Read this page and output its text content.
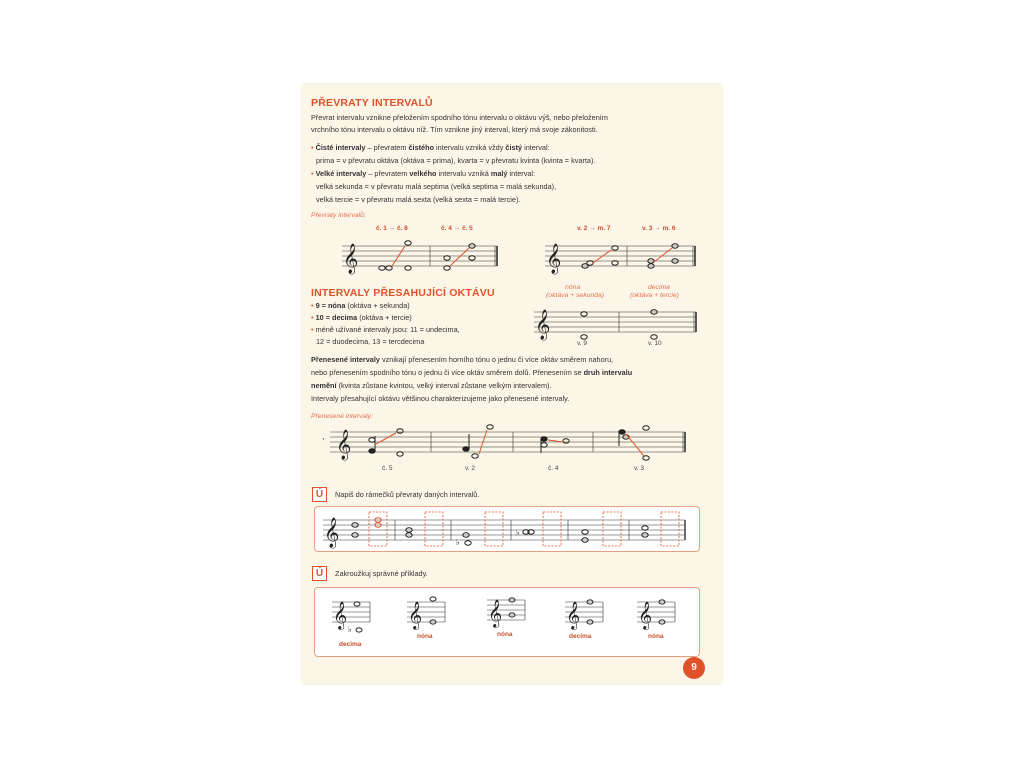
PŘEVRATY INTERVALŮ
Převrat intervalu vznikne přeložením spodního tónu intervalu o oktávu výš, nebo přeložením
vrchního tónu intervalu o oktávu níž. Tím vznikne jiný interval, který má svoje zákonitosti.
• Čisté intervaly – převratem čistého intervalu vzniká vždy čistý interval:
prima = v převratu oktáva (oktáva = prima), kvarta = v převratu kvinta (kvinta = kvarta).
• Velké intervaly – převratem velkého intervalu vzniká malý interval:
velká sekunda = v převratu malá septima (velká septima = malá sekunda),
velká tercie = v převratu malá sexta (velká sexta = malá tercie).
Převraty intervalů:
č. 1 → č. 8	č. 4 → č. 5	v. 2 → m. 7	v. 3 → m. 6
𝄞	𝄞
INTERVALY PŘESAHUJÍCÍ OKTÁVU
• 9 = nóna (oktáva + sekunda)
• 10 = decima (oktáva + tercie)
• méně užívané intervaly jsou: 11 = undecima,
12 = duodecima, 13 = tercdecima
nóna
(oktáva + sekunda)
decima
(oktáva + tercie)
𝄞
v. 9	v. 10
Přenesené intervaly vznikají přenesením horního tónu o jednu či více oktáv směrem nahoru,
nebo přenesením spodního tónu o jednu či více oktáv směrem dolů. Přenesením se druh intervalu
nemění (kvinta zůstane kvintou, velký interval zůstane velkým intervalem).
Intervaly přesahující oktávu většinou charakterizujeme jako přenesené intervaly.
Přenesené intervaly:
𝄞
,
č. 5	v. 2	č. 4	v. 3
Ú	Napiš do rámečků převraty daných intervalů.
𝄞	♭
♭
Ú	Zakroužkuj správné příklady.
𝄞
♭
𝄞	𝄞	𝄞 𝄞
decima
nóna	nóna	decima	nóna
9
